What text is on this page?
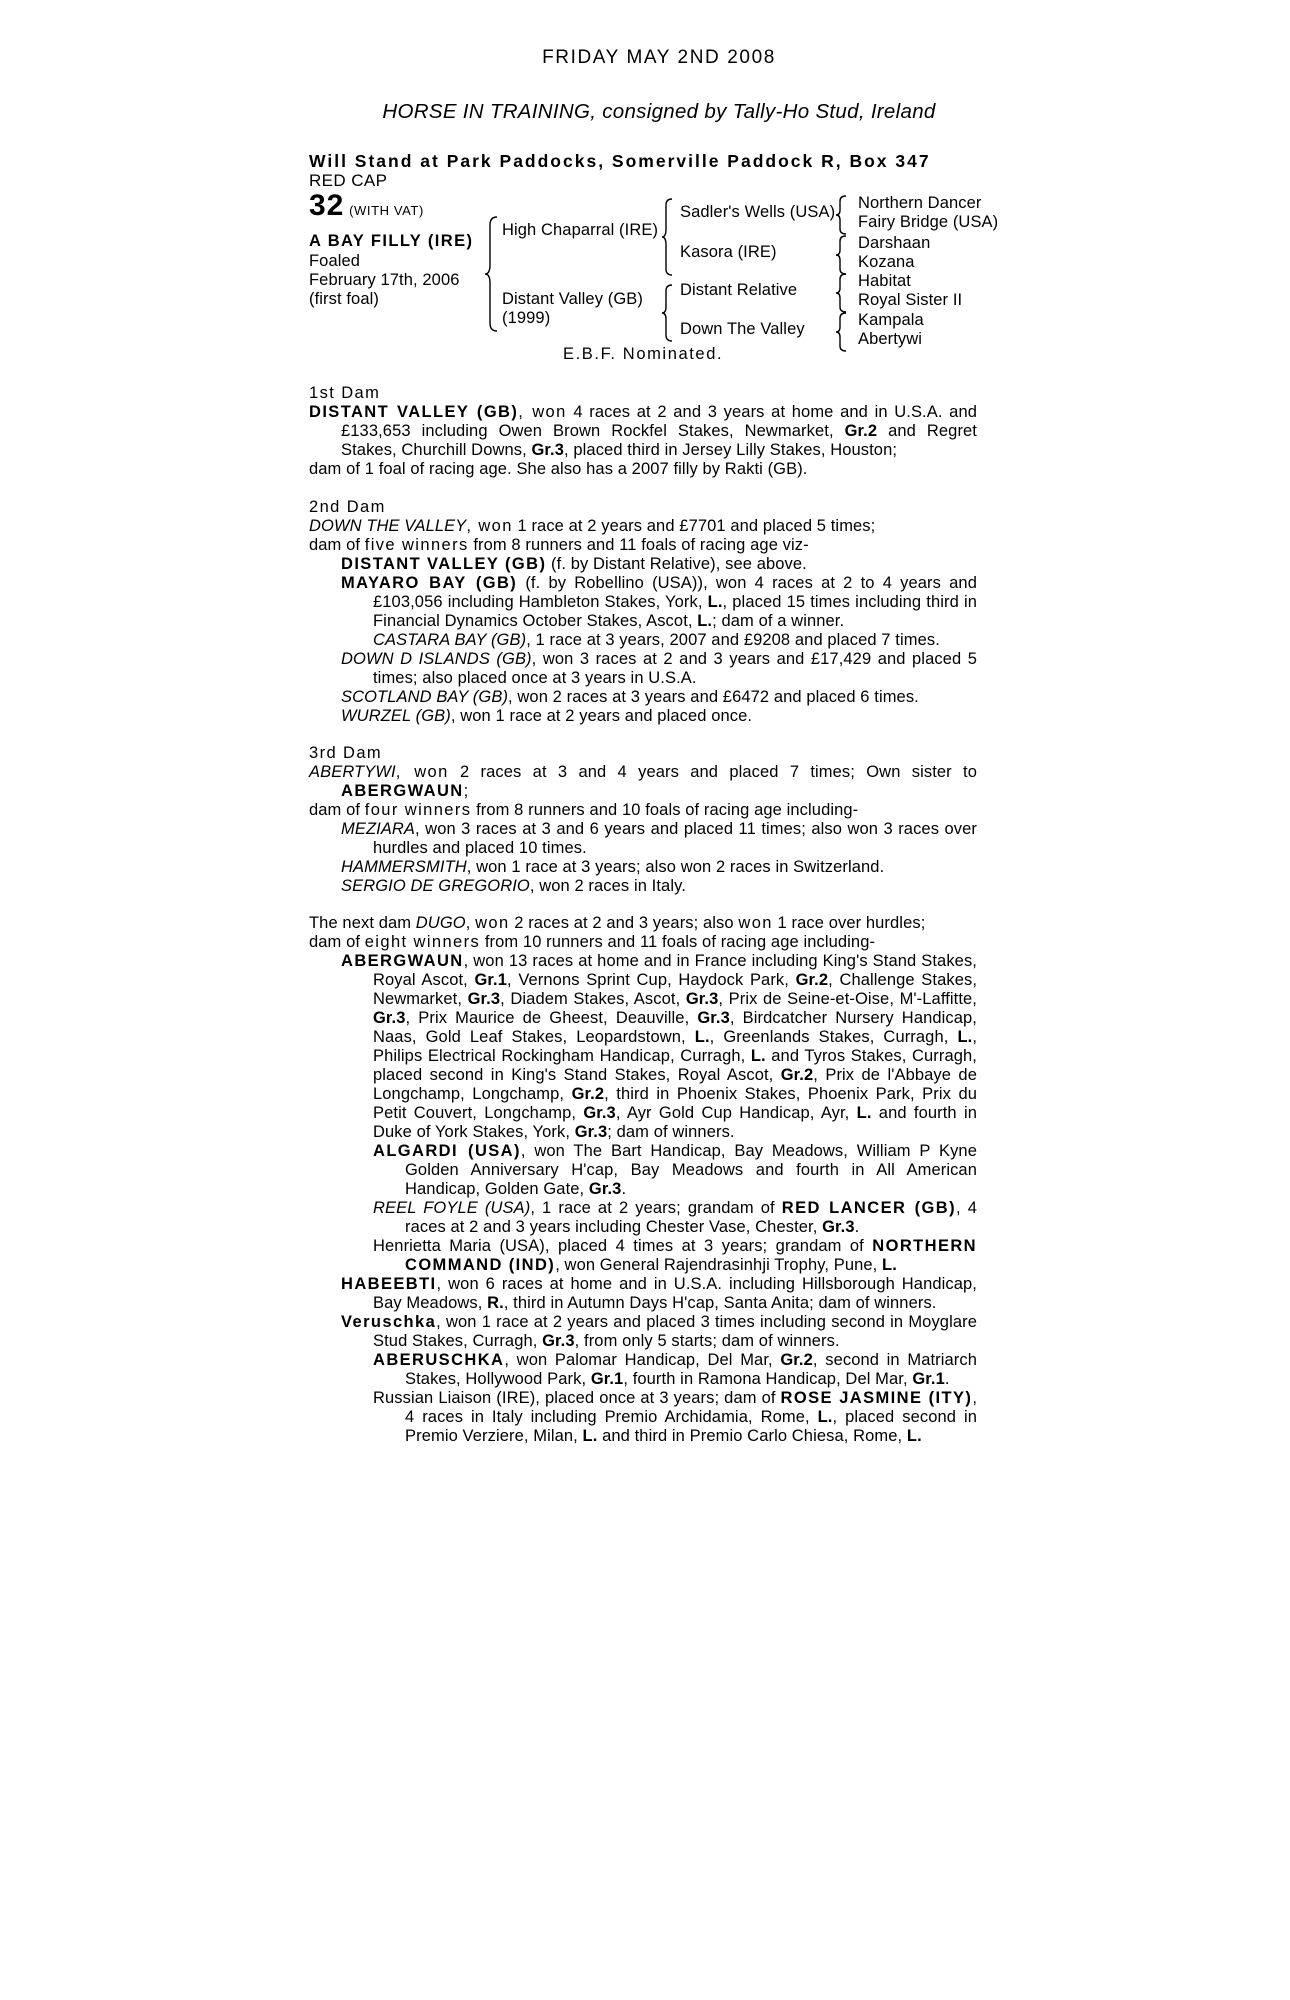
FRIDAY MAY 2ND 2008
HORSE IN TRAINING, consigned by Tally-Ho Stud, Ireland
Will Stand at Park Paddocks, Somerville Paddock R, Box 347
RED CAP
32 (WITH VAT)
A BAY FILLY (IRE)
Foaled
February 17th, 2006
(first foal)
High Chaparral (IRE)
Distant Valley (GB)
(1999)
Sadler's Wells (USA)
Kasora (IRE)
Distant Relative
Down The Valley
Northern Dancer
Fairy Bridge (USA)
Darshaan
Kozana
Habitat
Royal Sister II
Kampala
Abertywi
E.B.F. Nominated.

1st Dam

DISTANT VALLEY (GB), won 4 races at 2 and 3 years at home and in U.S.A. and £133,653 including Owen Brown Rockfel Stakes, Newmarket, Gr.2 and Regret Stakes, Churchill Downs, Gr.3, placed third in Jersey Lilly Stakes, Houston;

dam of 1 foal of racing age. She also has a 2007 filly by Rakti (GB).

2nd Dam

DOWN THE VALLEY, won 1 race at 2 years and £7701 and placed 5 times;

dam of five winners from 8 runners and 11 foals of racing age viz-

DISTANT VALLEY (GB) (f. by Distant Relative), see above.

MAYARO BAY (GB) (f. by Robellino (USA)), won 4 races at 2 to 4 years and £103,056 including Hambleton Stakes, York, L., placed 15 times including third in Financial Dynamics October Stakes, Ascot, L.; dam of a winner.

CASTARA BAY (GB), 1 race at 3 years, 2007 and £9208 and placed 7 times.

DOWN D ISLANDS (GB), won 3 races at 2 and 3 years and £17,429 and placed 5 times; also placed once at 3 years in U.S.A.

SCOTLAND BAY (GB), won 2 races at 3 years and £6472 and placed 6 times.

WURZEL (GB), won 1 race at 2 years and placed once.

3rd Dam

ABERTYWI, won 2 races at 3 and 4 years and placed 7 times; Own sister to ABERGWAUN;

dam of four winners from 8 runners and 10 foals of racing age including-

MEZIARA, won 3 races at 3 and 6 years and placed 11 times; also won 3 races over hurdles and placed 10 times.

HAMMERSMITH, won 1 race at 3 years; also won 2 races in Switzerland.

SERGIO DE GREGORIO, won 2 races in Italy.

The next dam DUGO, won 2 races at 2 and 3 years; also won 1 race over hurdles;

dam of eight winners from 10 runners and 11 foals of racing age including-

ABERGWAUN, won 13 races at home and in France including King's Stand Stakes, Royal Ascot, Gr.1, Vernons Sprint Cup, Haydock Park, Gr.2, Challenge Stakes, Newmarket, Gr.3, Diadem Stakes, Ascot, Gr.3, Prix de Seine-et-Oise, M'-Laffitte, Gr.3, Prix Maurice de Gheest, Deauville, Gr.3, Birdcatcher Nursery Handicap, Naas, Gold Leaf Stakes, Leopardstown, L., Greenlands Stakes, Curragh, L., Philips Electrical Rockingham Handicap, Curragh, L. and Tyros Stakes, Curragh, placed second in King's Stand Stakes, Royal Ascot, Gr.2, Prix de l'Abbaye de Longchamp, Longchamp, Gr.2, third in Phoenix Stakes, Phoenix Park, Prix du Petit Couvert, Longchamp, Gr.3, Ayr Gold Cup Handicap, Ayr, L. and fourth in Duke of York Stakes, York, Gr.3; dam of winners.

ALGARDI (USA), won The Bart Handicap, Bay Meadows, William P Kyne Golden Anniversary H'cap, Bay Meadows and fourth in All American Handicap, Golden Gate, Gr.3.

REEL FOYLE (USA), 1 race at 2 years; grandam of RED LANCER (GB), 4 races at 2 and 3 years including Chester Vase, Chester, Gr.3.

Henrietta Maria (USA), placed 4 times at 3 years; grandam of NORTHERN COMMAND (IND), won General Rajendrasinhji Trophy, Pune, L.

HABEEBTI, won 6 races at home and in U.S.A. including Hillsborough Handicap, Bay Meadows, R., third in Autumn Days H'cap, Santa Anita; dam of winners.

Veruschka, won 1 race at 2 years and placed 3 times including second in Moyglare Stud Stakes, Curragh, Gr.3, from only 5 starts; dam of winners.

ABERUSCHKA, won Palomar Handicap, Del Mar, Gr.2, second in Matriarch Stakes, Hollywood Park, Gr.1, fourth in Ramona Handicap, Del Mar, Gr.1.

Russian Liaison (IRE), placed once at 3 years; dam of ROSE JASMINE (ITY), 4 races in Italy including Premio Archidamia, Rome, L., placed second in Premio Verziere, Milan, L. and third in Premio Carlo Chiesa, Rome, L.
